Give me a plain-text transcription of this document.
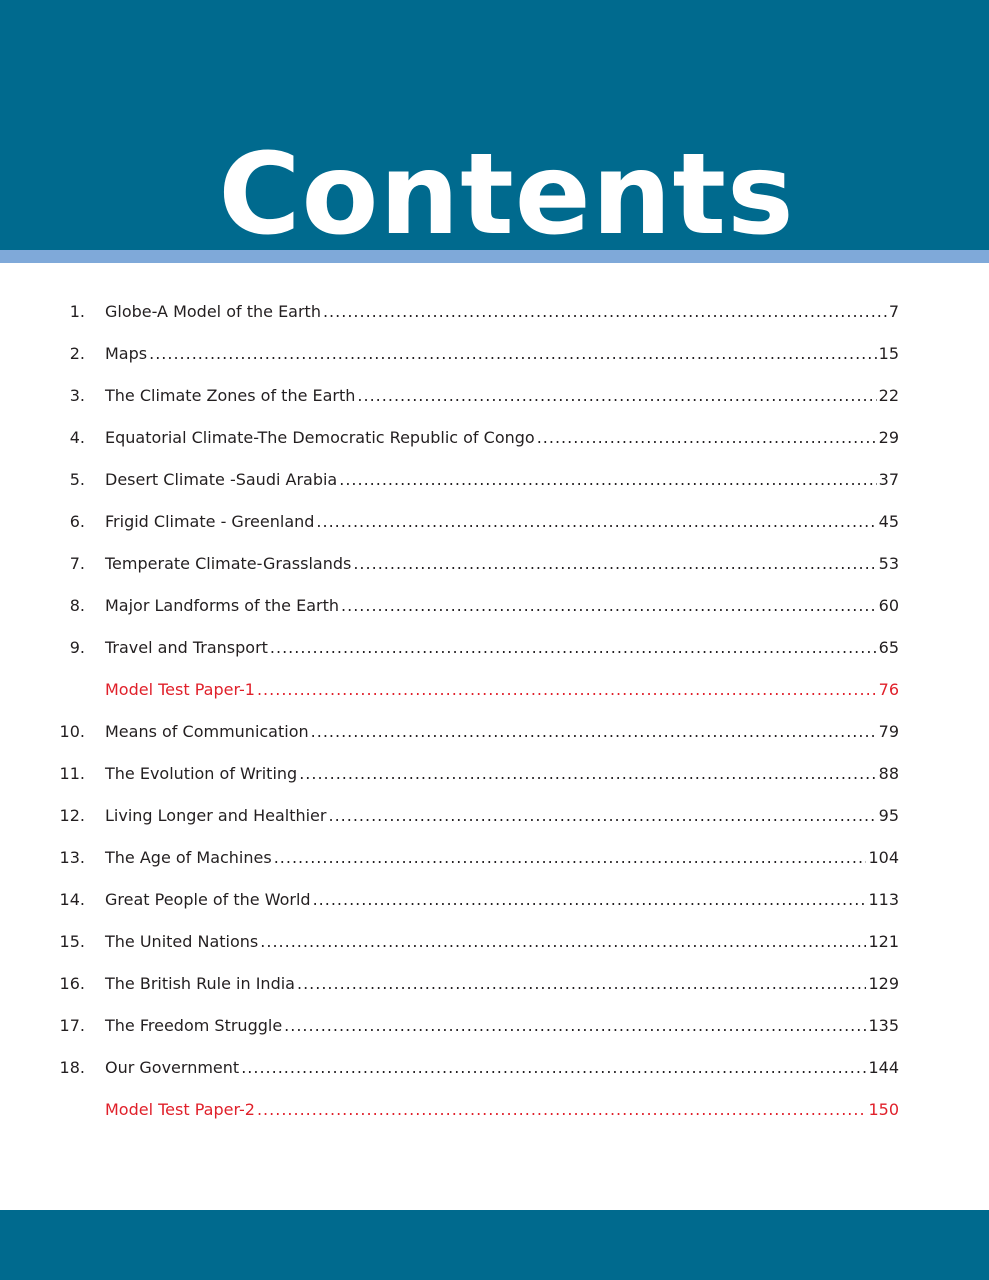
Contents
1. Globe-A Model of the Earth .....	7
2. Maps .....	15
3. The Climate Zones of the Earth .....	22
4. Equatorial Climate-The Democratic Republic of Congo .....	29
5. Desert Climate -Saudi Arabia .....	37
6. Frigid Climate - Greenland .....	45
7. Temperate Climate-Grasslands .....	53
8. Major Landforms of the Earth .....	60
9. Travel and Transport .....	65
Model Test Paper-1 .....	76
10. Means of Communication .....	79
11. The Evolution of Writing .....	88
12. Living Longer and Healthier .....	95
13. The Age of Machines .....	104
14. Great People of the World .....	113
15. The United Nations .....	121
16. The British Rule in India .....	129
17. The Freedom Struggle .....	135
18. Our Government .....	144
Model Test Paper-2 .....	150
